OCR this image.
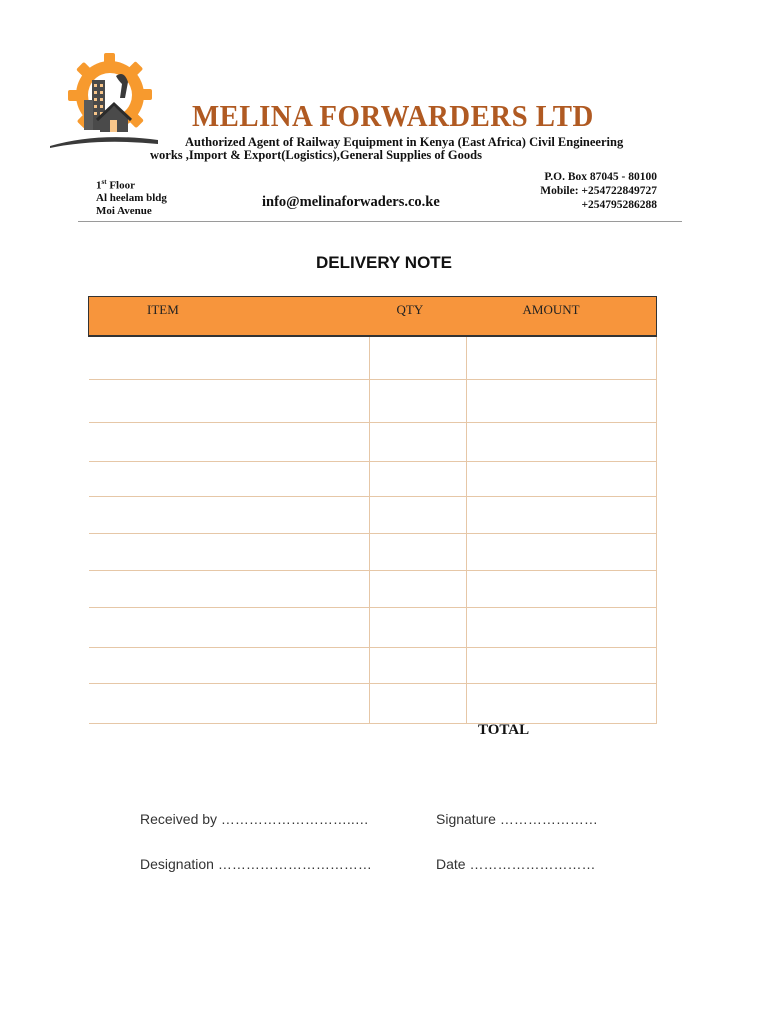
MELINA FORWARDERS LTD
Authorized Agent of Railway Equipment in Kenya (East Africa) Civil Engineering
works ,Import & Export(Logistics),General Supplies of Goods
1st Floor
Al heelam bldg
Moi Avenue
info@melinaforwaders.co.ke
P.O. Box 87045 - 80100
Mobile: +254722849727
+254795286288
DELIVERY NOTE
ITEM	QTY	AMOUNT

TOTAL
Received by ………………………..…	Signature …………………
Designation ……………………………	Date ………………………
